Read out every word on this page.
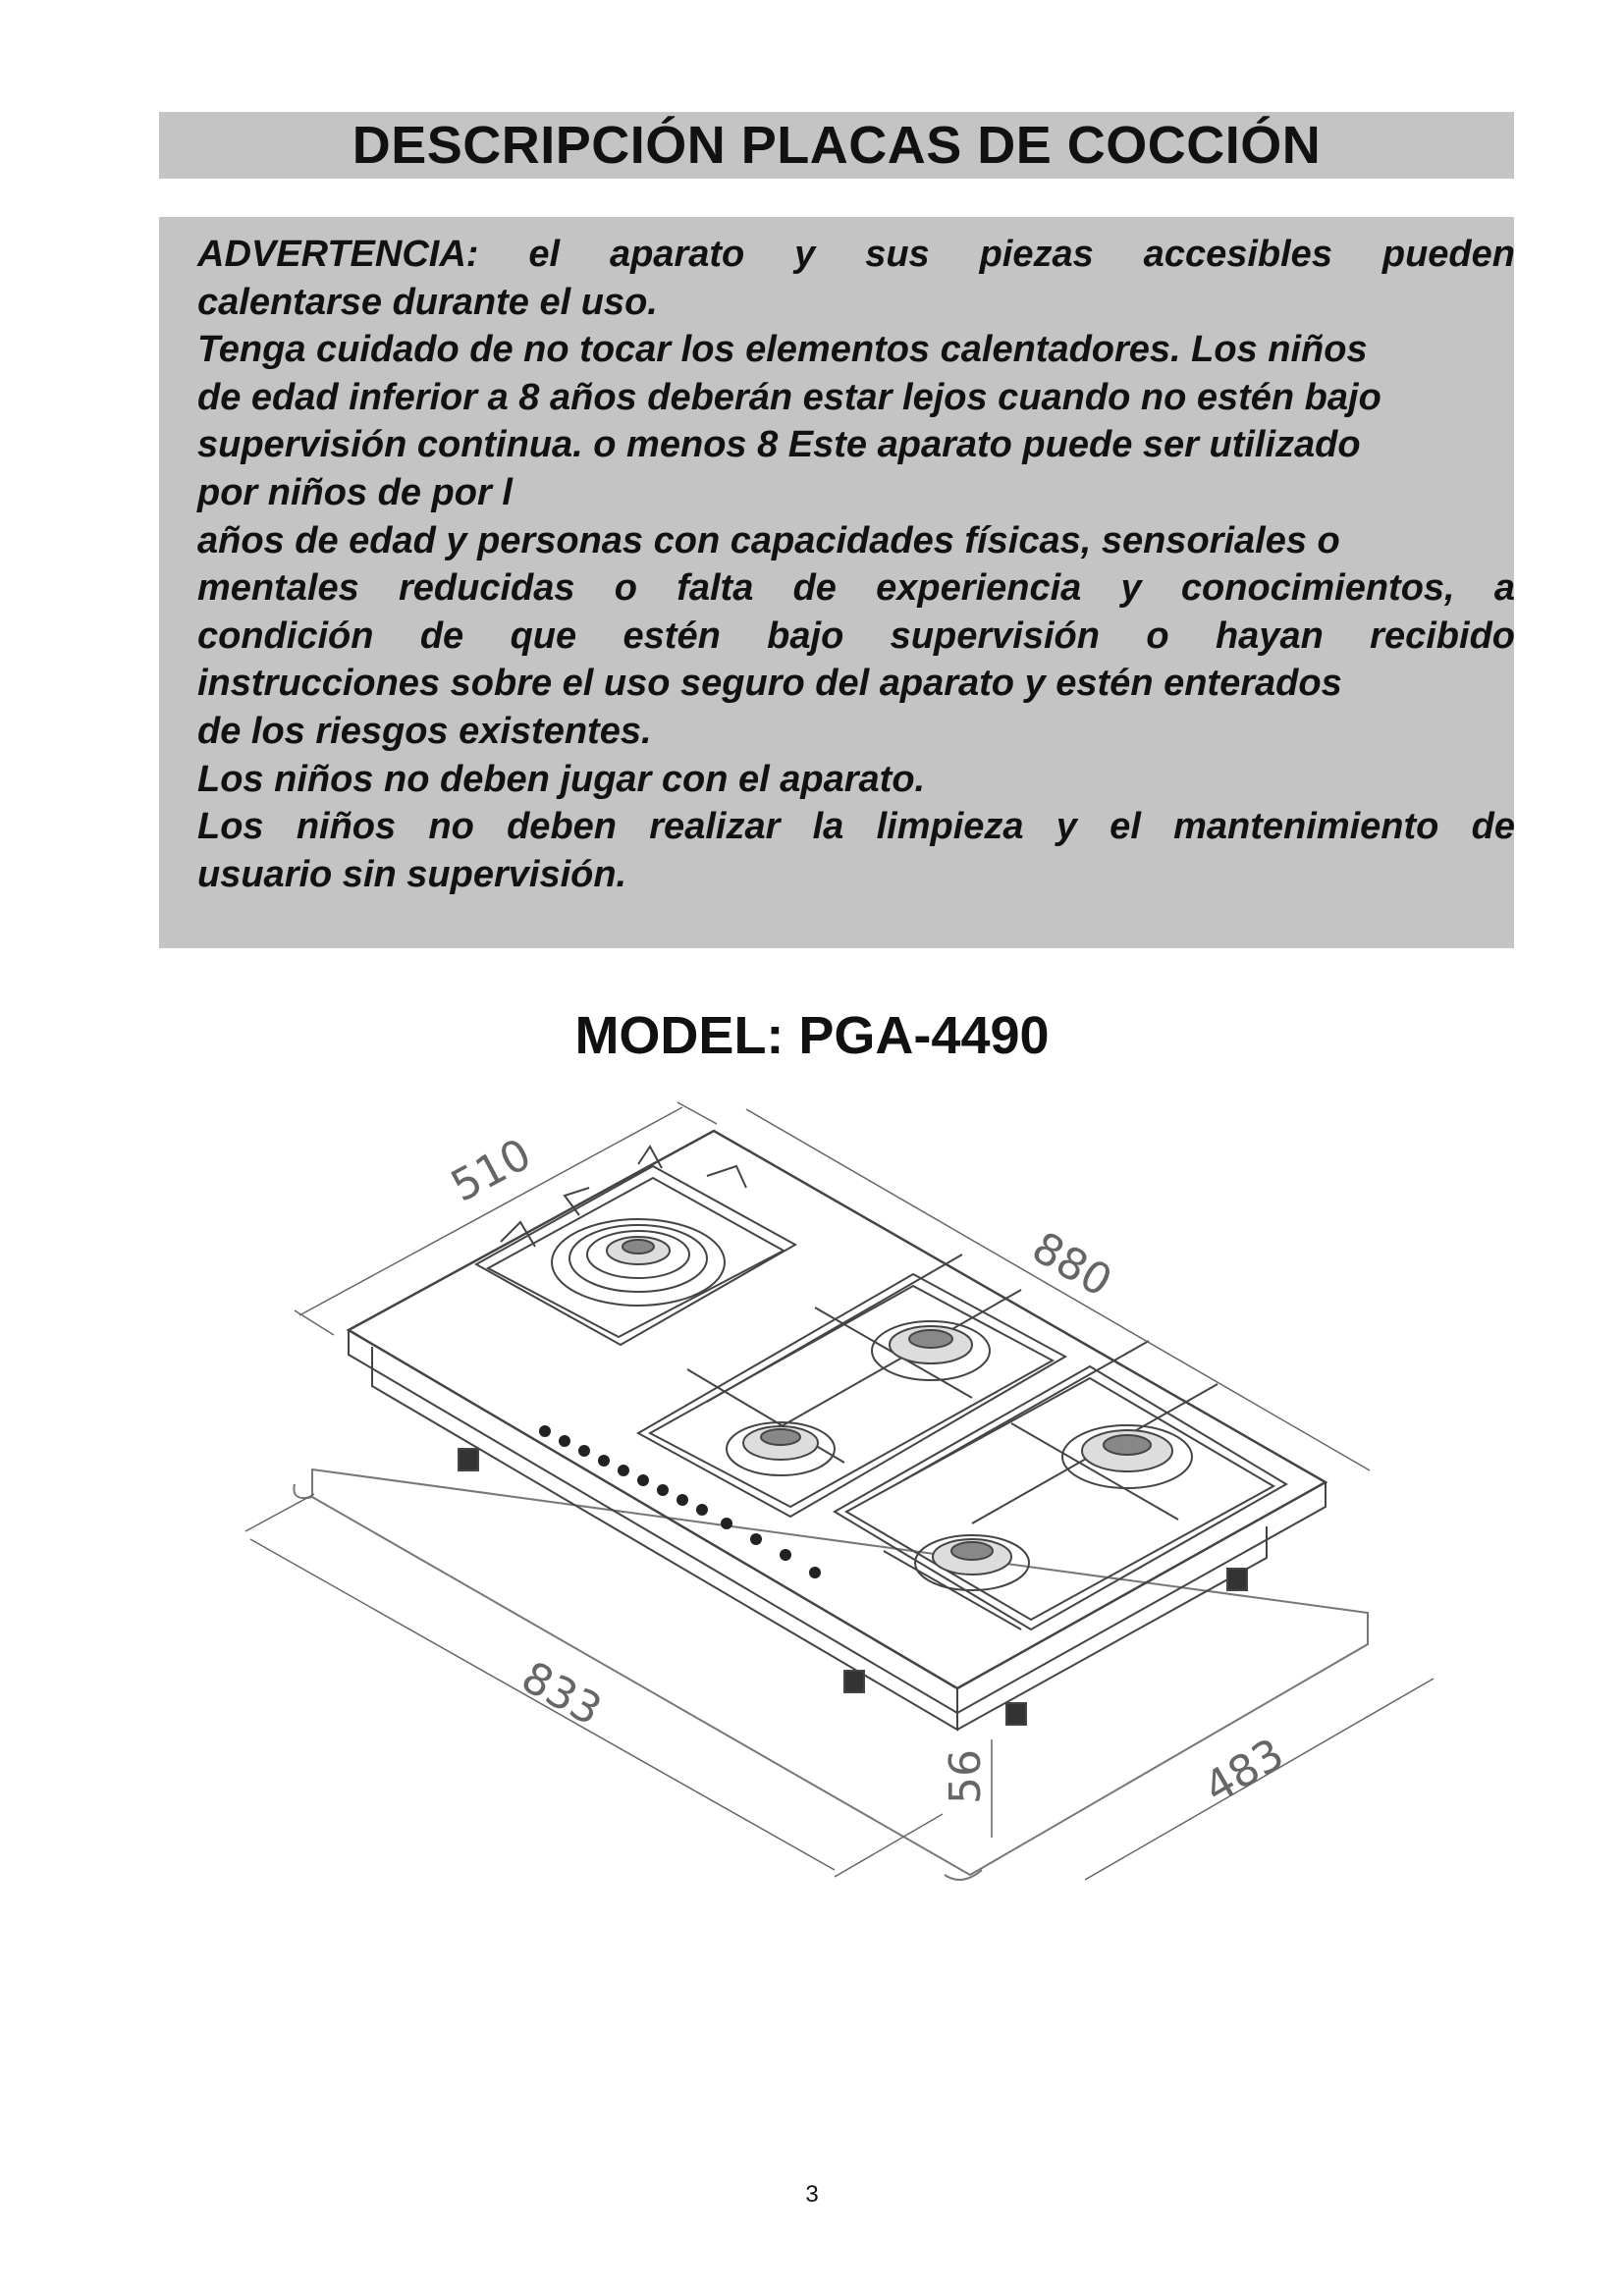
DESCRIPCIÓN PLACAS DE COCCIÓN

ADVERTENCIA: el aparato y sus piezas accesibles pueden

calentarse durante el uso.

Tenga cuidado de no tocar los elementos calentadores. Los niños

de edad inferior a 8 años deberán estar lejos cuando no estén bajo

supervisión continua. o menos 8 Este aparato puede ser utilizado

por niños de por l

años de edad y personas con capacidades físicas, sensoriales o

mentales reducidas o falta de experiencia y conocimientos, a

condición de que estén bajo supervisión o hayan recibido

instrucciones sobre el uso seguro del aparato y estén enterados

de los riesgos existentes.

Los niños no deben jugar con el aparato.

Los niños no deben realizar la limpieza y el mantenimiento de

usuario sin supervisión.

MODEL: PGA-4490
510
880
833
483
56
3
